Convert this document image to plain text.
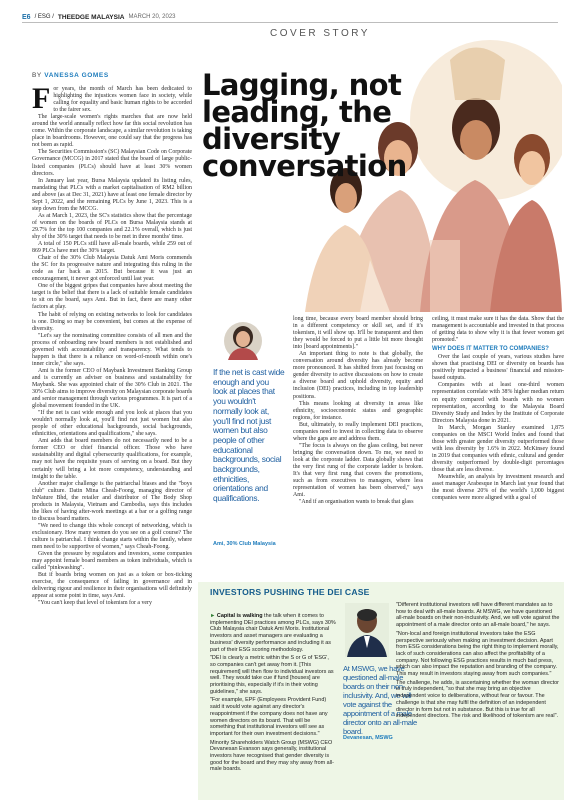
E6 / ESG / THEEDGE MALAYSIA MARCH 20, 2023
COVER STORY
Lagging, not leading, the diversity conversation
BY VANESSA GOMES
F or years, the month of March has been dedicated to highlighting the injustices women face in society, while calling for equality and basic human rights to be accorded to the fairer sex.

The large-scale women's rights marches that are now held around the world annually reflect how far this social revolution has come. Within the corporate landscape, a similar revolution is taking place in boardrooms. However, one could say that the progress has not been as rapid.

The Securities Commission's (SC) Malaysian Code on Corporate Governance (MCCG) in 2017 stated that the board of large public-listed companies (PLCs) should have at least 30% women directors.

In January last year, Bursa Malaysia updated its listing rules, mandating that PLCs with a market capitalisation of RM2 billion and above (as at Dec 31, 2021) have at least one female director by Sept 1, 2022, and the remaining PLCs by June 1, 2023. This is a step down from the MCCG.

As at March 1, 2023, the SC's statistics show that the percentage of women on the boards of PLCs on Bursa Malaysia stands at 29.7% for the top 100 companies and 22.1% overall, which is just shy of the 30% target that needs to be met in three months' time.

A total of 150 PLCs still have all-male boards, while 259 out of 869 PLCs have met the 30% target.

Chair of the 30% Club Malaysia Datuk Ami Moris commends the SC for its progressive nature and integrating this ruling in the code as far back as 2015. But because it was just an encouragement, it never got enforced until last year.

One of the biggest gripes that companies have about meeting the target is the belief that there is a lack of suitable female candidates to sit on the board, says Ami. But in fact, there are many other factors at play.

The habit of relying on existing networks to look for candidates is one. Doing so may be convenient, but comes at the expense of diversity.

"Let's say the nominating committee consists of all men and the process of onboarding new board members is not established and governed with accountability and transparency. What tends to happen is that there is a reliance on word-of-mouth within one's inner circle," she says.

Ami is the former CEO of Maybank Investment Banking Group and is currently an adviser on business and sustainability for Maybank. She was appointed chair of the 30% Club in 2021. The 30% Club aims to improve diversity on Malaysian corporate boards and senior management through various programmes. It is part of a global movement founded in the UK.

"If the net is cast wide enough and you look at places that you wouldn't normally look at, you'll find not just women but also people of other educational backgrounds, social backgrounds, ethnicities, orientations and qualifications," she says.

Ami adds that board members do not necessarily need to be a former CEO or chief financial officer. Those who have sustainability and digital cybersecurity qualifications, for example, may not have the requisite years of serving on a board. But they certainly will bring a lot more competency, understanding and insight to the table.

Another major challenge is the patriarchal biases and the "boys club" culture. Datin Mina Cheah-Foong, managing director of InNature Bhd, the retailer and distributor of The Body Shop products in Malaysia, Vietnam and Cambodia, says this includes the likes of having after-work meetings at a bar or a golfing range to discuss board matters.

"We need to change this whole concept of networking, which is exclusionary. How many women do you see on a golf course? The culture is patriarchal. I think change starts within the family, where men need to be supportive of women," says Cheah-Foong.

Given the pressure by regulators and investors, some companies may appoint female board members as token individuals, which is called "pinkwashing".

But if boards bring women on just as a token or box-ticking exercise, the consequence of failing in governance and in delivering rigour and resilience in their organisations will definitely appear at some point in time, says Ami.

"You can't keep that level of tokenism for a very

If the net is cast wide enough and you look at places that you wouldn't normally look at, you'll find not just women but also people of other educational backgrounds, social backgrounds, ethnicities, orientations and qualifications.
Ami, 30% Club Malaysia

long time, because every board member should bring in a different competency or skill set, and if it's tokenism, it will show up. It'll be transparent and then they would be forced to put a little bit more thought into [board appointments]."

An important thing to note is that globally, the conversation around diversity has already become more pronounced. It has shifted from just focusing on gender diversity to active discussions on how to create a diverse board and uphold diversity, equity and inclusion (DEI) practices, including in top leadership positions.

This means looking at diversity in areas like ethnicity, socioeconomic status and geographic regions, for instance.

But, ultimately, to really implement DEI practices, companies need to invest in collecting data to observe where the gaps are and address them.

"The focus is always on the glass ceiling, but never bringing the conversation down. To me, we need to look at the corporate ladder. Data globally shows that the very first rung of the corporate ladder is broken. It's that very first rung that covers the promotions, such as from executives to managers, where less representation of women has been observed," says Ami.

"And if an organisation wants to break that glass

ceiling, it must make sure it has the data. Show that the management is accountable and invested in that process of getting data to show why it is that fewer women get promoted."

WHY DOES IT MATTER TO COMPANIES?

Over the last couple of years, various studies have shown that practising DEI or diversity on boards has positively impacted a business' financial and mission-based outputs.

Companies with at least one-third women representation correlate with 38% higher median return on equity compared with boards with no women representation, according to the Malaysia Board Diversity Study and Index by the Institute of Corporate Directors Malaysia done in 2021.

In March, Morgan Stanley examined 1,875 companies on the MSCI World Index and found that those with greater gender diversity outperformed those with less diversity by 1.6% in 2022. McKinsey found in 2019 that companies with ethnic, cultural and gender diversity outperformed by double-digit percentages those that are less diverse.

Meanwhile, an analysis by investment research and asset manager Arabesque in March last year found that the most diverse 20% of the world's 1,000 biggest companies were more aligned with a goal of

INVESTORS PUSHING THE DEI CASE

► Capital is walking the talk when it comes to implementing DEI practices among PLCs, says 30% Club Malaysia chair Datuk Ami Moris. Institutional investors and asset managers are evaluating a business' diversity performance and including it as part of their ESG scoring methodology.

"DEI is clearly a metric within the S or G of 'ESG', so companies can't get away from it. [This requirement] will then flow to individual investors as well. They would take cue if fund [houses] are prioritising this, especially if it's in their voting guidelines," she says.

"For example, EPF (Employees Provident Fund) said it would vote against any director's reappointment if the company does not have any women directors on its board. That will be something that institutional investors will see as important for their own investment decisions."

Minority Shareholders Watch Group (MSWG) CEO Devanesan Evanson says generally, institutional investors have recognised that gender diversity is good for the board and they may shy away from all-male boards.

At MSWG, we have questioned all-male boards on their non-inclusivity. And, we will vote against the appointment of a male director onto an all-male board.
Devanesan, MSWG

"Different institutional investors will have different mandates as to how to deal with all-male boards. At MSWG, we have questioned all-male boards on their non-inclusivity. And, we will vote against the appointment of a male director onto an all-male board," he says.

"Non-local and foreign institutional investors take the ESG perspective seriously when making an investment decision. Apart from ESG considerations being the right thing to implement morally, lack of such considerations can also affect the profitability of a company. Not following ESG practices results in much bad press, which can also impact the reputation and branding of the company. This may result in investors staying away from such companies."

The challenge, he adds, is ascertaining whether the woman director is truly independent, "so that she may bring an objective independent voice to deliberations, without fear or favour. The challenge is that she may fulfil the definition of an independent director in form but not in substance. But this is true for all independent directors. The risk and likelihood of tokenism are real".
